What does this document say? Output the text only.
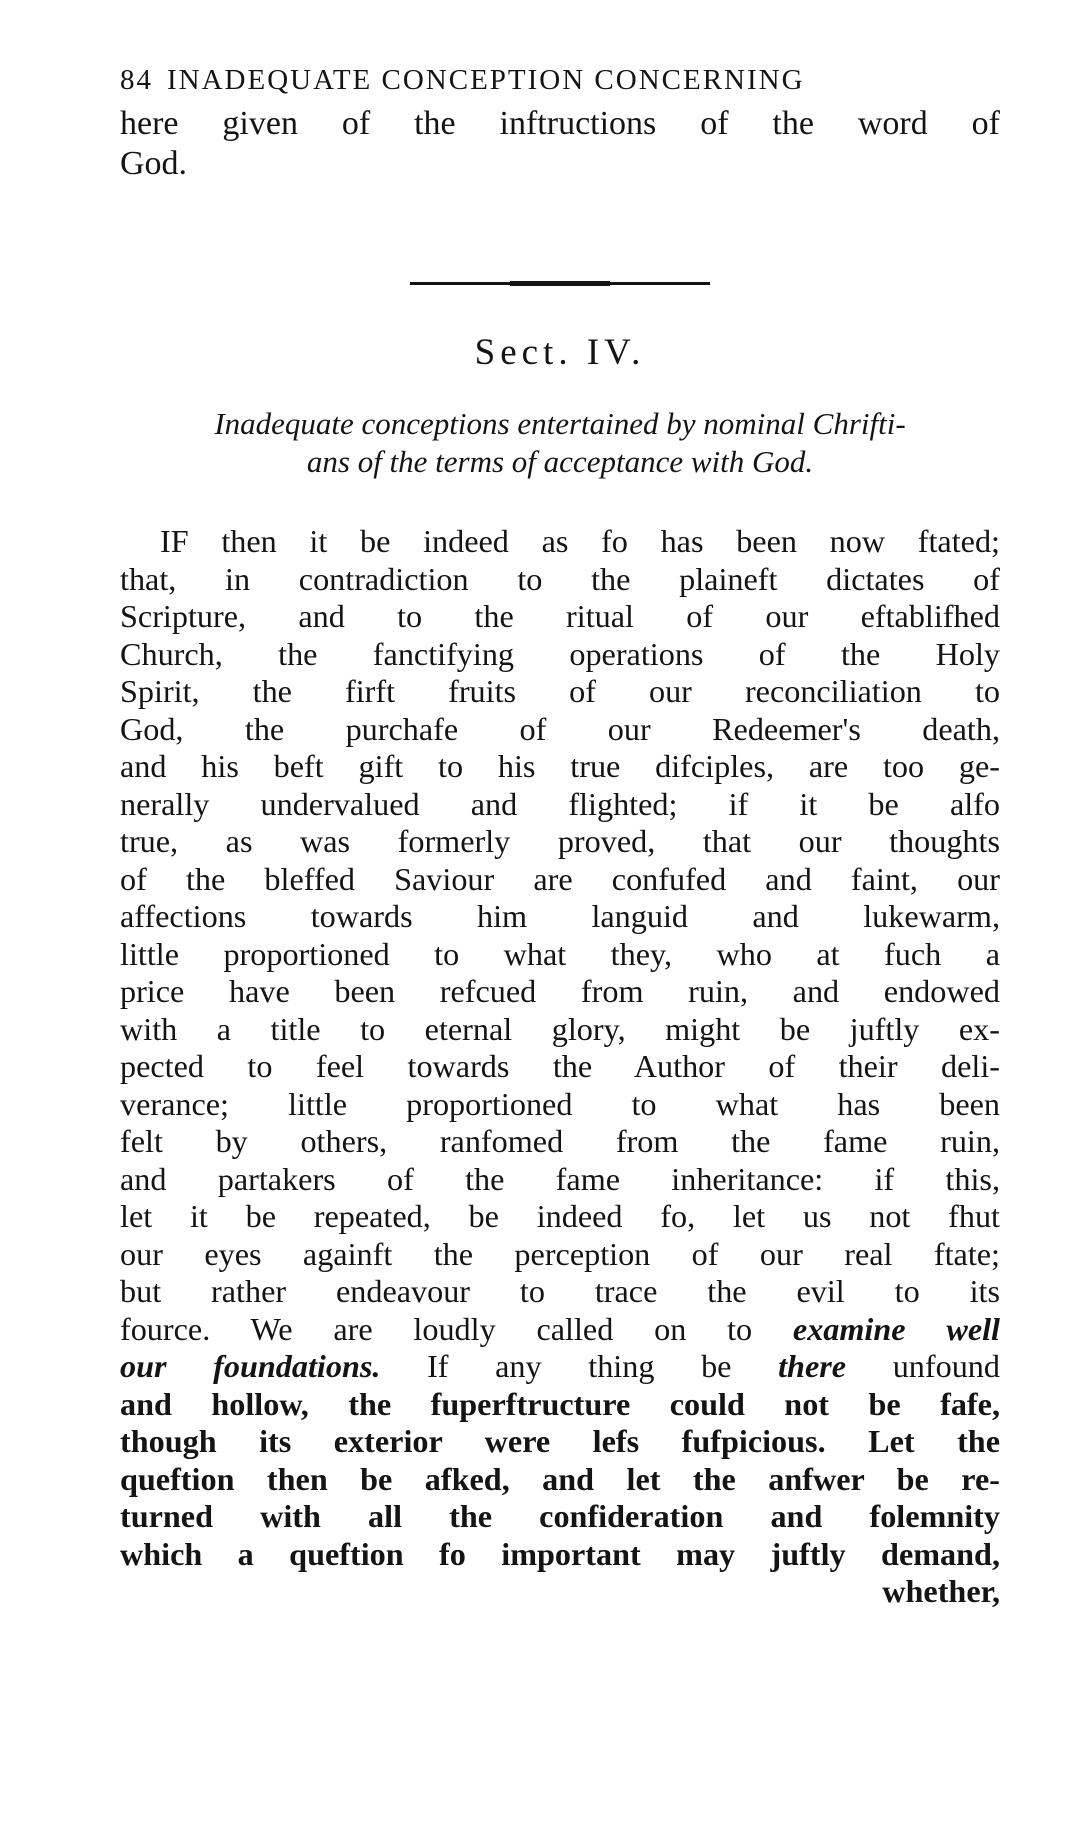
84 INADEQUATE CONCEPTION CONCERNING
here given of the inftructions of the word of
God.
Sect. IV.
Inadequate conceptions entertained by nominal Chrifti-
ans of the terms of acceptance with God.
IF then it be indeed as fo has been now ftated;
that, in contradiction to the plaineft dictates of
Scripture, and to the ritual of our eftablifhed
Church, the fanctifying operations of the Holy
Spirit, the firft fruits of our reconciliation to
God, the purchafe of our Redeemer's death,
and his beft gift to his true difciples, are too ge-
nerally undervalued and flighted; if it be alfo
true, as was formerly proved, that our thoughts
of the bleffed Saviour are confufed and faint, our
affections towards him languid and lukewarm,
little proportioned to what they, who at fuch a
price have been refcued from ruin, and endowed
with a title to eternal glory, might be juftly ex-
pected to feel towards the Author of their deli-
verance; little proportioned to what has been
felt by others, ranfomed from the fame ruin,
and partakers of the fame inheritance: if this,
let it be repeated, be indeed fo, let us not fhut
our eyes againft the perception of our real ftate;
but rather endeavour to trace the evil to its
fource. We are loudly called on to examine well
our foundations. If any thing be there unfound
and hollow, the fuperftructure could not be fafe,
though its exterior were lefs fufpicious. Let the
queftion then be afked, and let the anfwer be re-
turned with all the confideration and folemnity
which a queftion fo important may juftly demand,
whether,
